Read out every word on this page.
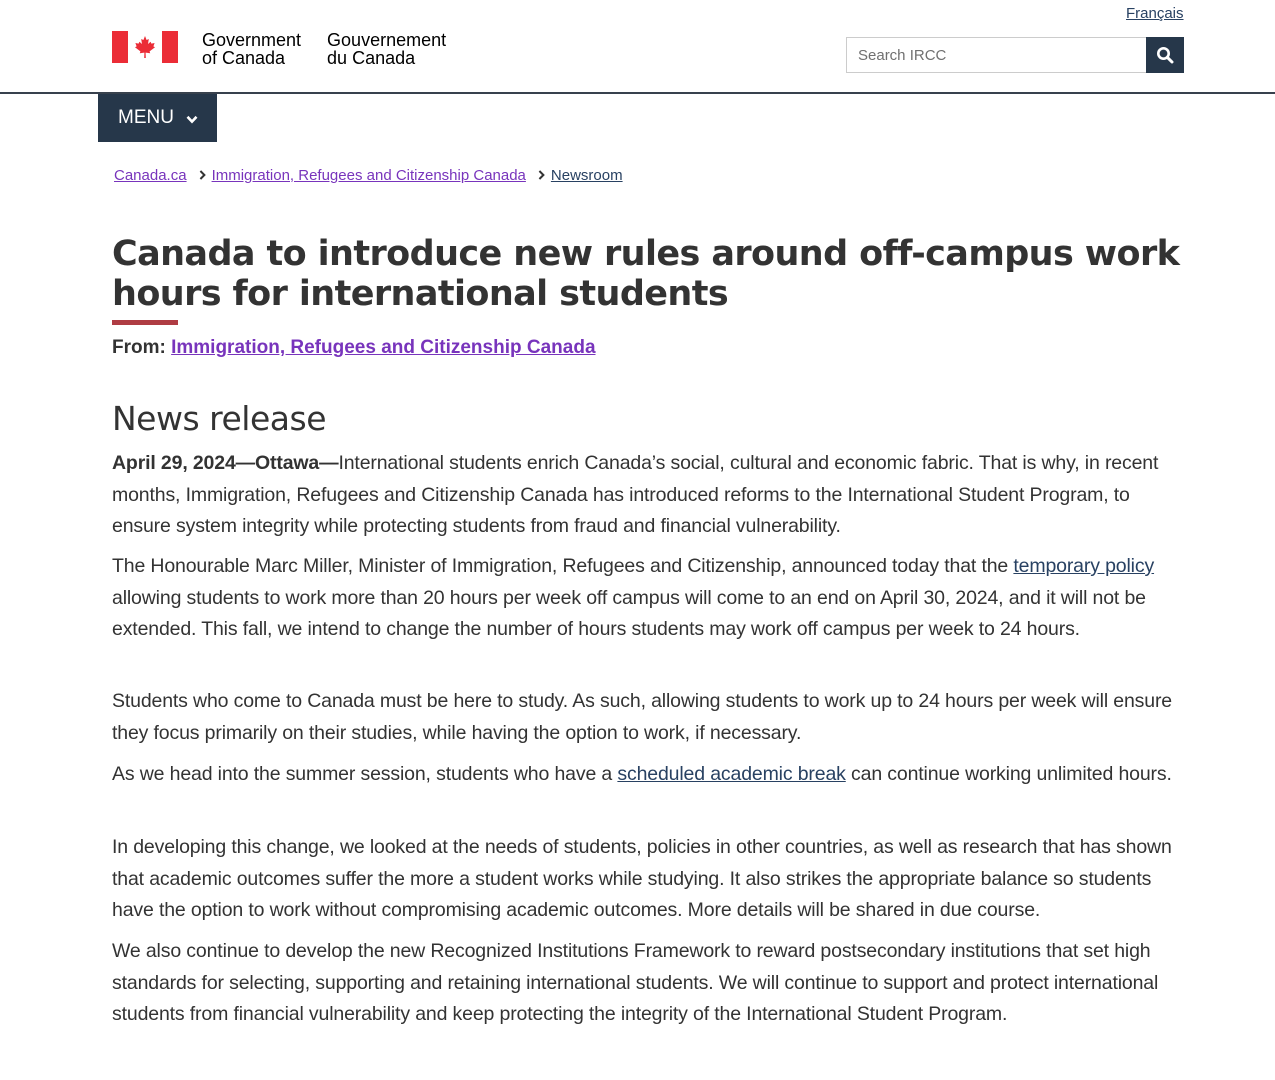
Français
Government
of Canada
Gouvernement
du Canada
Search IRCC
MENU
Canada.ca Immigration, Refugees and Citizenship Canada Newsroom
Canada to introduce new rules around off-campus work hours for international students
From: Immigration, Refugees and Citizenship Canada
News release

April 29, 2024—Ottawa—International students enrich Canada’s social, cultural and economic fabric. That is why, in recent months, Immigration, Refugees and Citizenship Canada has introduced reforms to the International Student Program, to ensure system integrity while protecting students from fraud and financial vulnerability.

The Honourable Marc Miller, Minister of Immigration, Refugees and Citizenship, announced today that the temporary policy allowing students to work more than 20 hours per week off campus will come to an end on April 30, 2024, and it will not be extended. This fall, we intend to change the number of hours students may work off campus per week to 24 hours.

Students who come to Canada must be here to study. As such, allowing students to work up to 24 hours per week will ensure they focus primarily on their studies, while having the option to work, if necessary.

As we head into the summer session, students who have a scheduled academic break can continue working unlimited hours.

In developing this change, we looked at the needs of students, policies in other countries, as well as research that has shown that academic outcomes suffer the more a student works while studying. It also strikes the appropriate balance so students have the option to work without compromising academic outcomes. More details will be shared in due course.

We also continue to develop the new Recognized Institutions Framework to reward postsecondary institutions that set high standards for selecting, supporting and retaining international students. We will continue to support and protect international students from financial vulnerability and keep protecting the integrity of the International Student Program.
